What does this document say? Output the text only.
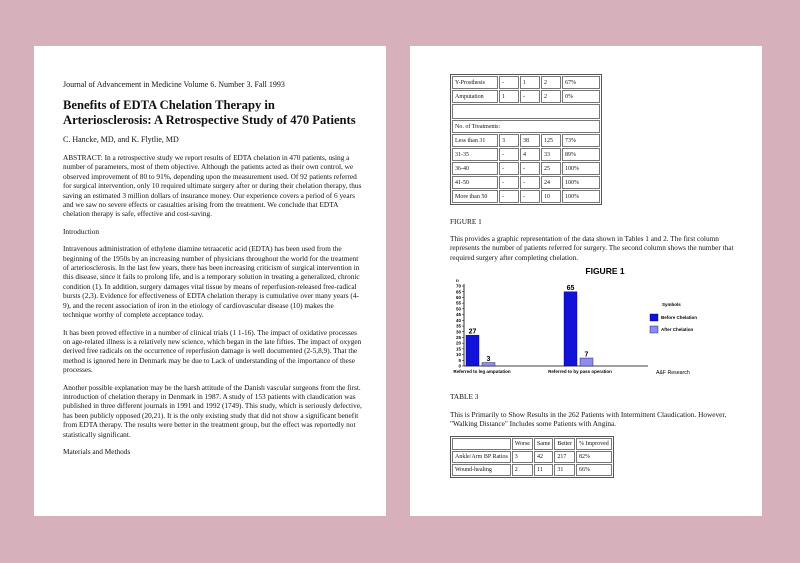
Journal of Advancement in Medicine Volume 6. Number 3. Fall 1993
Benefits of EDTA Chelation Therapy in Arteriosclerosis: A Retrospective Study of 470 Patients
C. Hancke, MD, and K. Flytlie, MD
ABSTRACT: In a retrospective study we report results of EDTA chelation in 470 patients, using a number of parameters, most of them objective. Although the patients acted as their own control, we observed improvement of 80 to 91%, depending upon the measurement used. Of 92 patients referred for surgical intervention, only 10 required ultimate surgery after or during their chelation therapy, thus saving an estimated 3 million dollars of insurance money. Our experience covers a period of 6 years and we saw no severe effects or casualties arising from the treatment. We conclude that EDTA chelation therapy is safe, effective and cost-saving.
Introduction
Intravenous administration of ethylene diamine tetraacetic acid (EDTA) has been used from the beginning of the 1950s by an increasing number of physicians throughout the world for the treatment of arteriosclerosis. In the last few years, there has been increasing criticism of surgical intervention in this disease, since it fails to prolong life, and is a temporary solution in treating a generalized, chronic condition (1). In addition, surgery damages vital tissue by means of reperfusion-released free-radical bursts (2,3). Evidence for effectiveness of EDTA chelation therapy is cumulative over many years (4-9), and the recent association of iron in the etiology of cardiovascular disease (10) makes the technique worthy of complete acceptance today.
It has been proved effective in a number of clinical trials (1 1-16). The impact of oxidative processes on age-related illness is a relatively new science, which began in the late fifties. The impact of oxygen derived free radicals on the occurrence of reperfusion damage is well documented (2-5,8,9). That the method is ignored here in Denmark may be due to Lack of understanding of the importance of these processes.
Another possible explanation may be the harsh attitude of the Danish vascular surgeons from the first. introduction of chelation therapy in Denmark in 1987. A study of 153 patients with claudication was published in three different journals in 1991 and 1992 (1749). This study, which is seriously defective, has been publicly opposed (20,21). It is the only existing study that did not show a significant benefit from EDTA therapy. The results were better in the treatment group, but the effect was reportedly not statistically significant.
Materials and Methods
Y-Prosthesis	-	1	2	67%
Amputation	1	-	2	0%

No. of Treatments:				
Less than 31	3	38	125	73%
31-35	-	4	33	89%
36-40	-	-	25	100%
41-50	-	-	24	100%
More than 50	-	-	10	100%
FIGURE 1
This provides a graphic representation of the data shown in Tables 1 and 2. The first column represents the number of patients referred for surgery. The second column shows the number that required surgery after completing chelation.
FIGURE 1
n
0
5
10
15
20
25
30
35
40
45
50
55
60
65
70
27
3
Referred to leg amputation
65
7
Referred to by pass operation
Symbols
Before Chelation
After Chelation
A&F Research
TABLE 3
This is Primarily to Show Results in the 262 Patients with Intermittent Claudication. However, "Walking Distance" Includes some Patients with Angina.
	Worse	Same	Better	% Improved
Ankle/Arm BP Ratios	3	42	217	82%
Wound-healing	2	11	31	66%
